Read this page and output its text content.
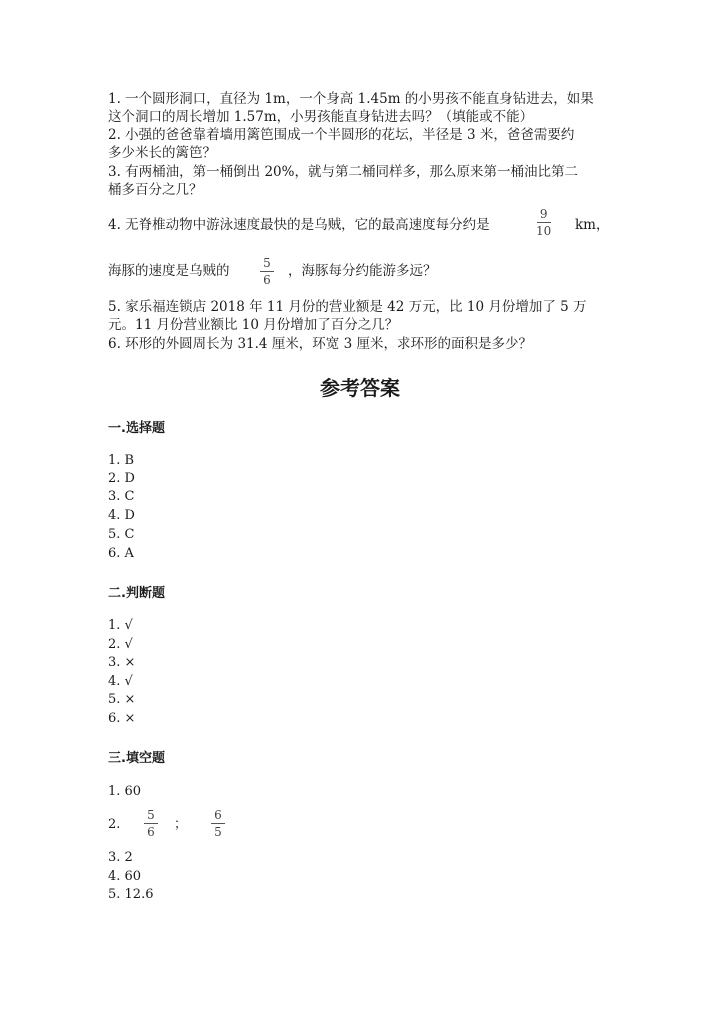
1. 一个圆形洞口，直径为 1m，一个身高 1.45m 的小男孩不能直身钻进去，如果
这个洞口的周长增加 1.57m，小男孩能直身钻进去吗？（填能或不能）
2. 小强的爸爸靠着墙用篱笆围成一个半圆形的花坛，半径是 3 米，爸爸需要约
多少米长的篱笆？
3. 有两桶油，第一桶倒出 20%，就与第二桶同样多，那么原来第一桶油比第二
桶多百分之几？
4. 无脊椎动物中游泳速度最快的是乌贼，它的最高速度每分约是
9
10 km，
海豚的速度是乌贼的	5
6
，海豚每分约能游多远？
5. 家乐福连锁店 2018 年 11 月份的营业额是 42 万元，比 10 月份增加了 5 万
元。11 月份营业额比 10 月份增加了百分之几？
6. 环形的外圆周长为 31.4 厘米，环宽 3 厘米，求环形的面积是多少？
参考答案
一.选择题
1. B
2. D
3. C
4. D
5. C
6. A
二.判断题
1. √
2. √
3. ×
4. √
5. ×
6. ×
三.填空题
1. 60
2.
5
6 ；
6
5
3. 2
4. 60
5. 12.6
